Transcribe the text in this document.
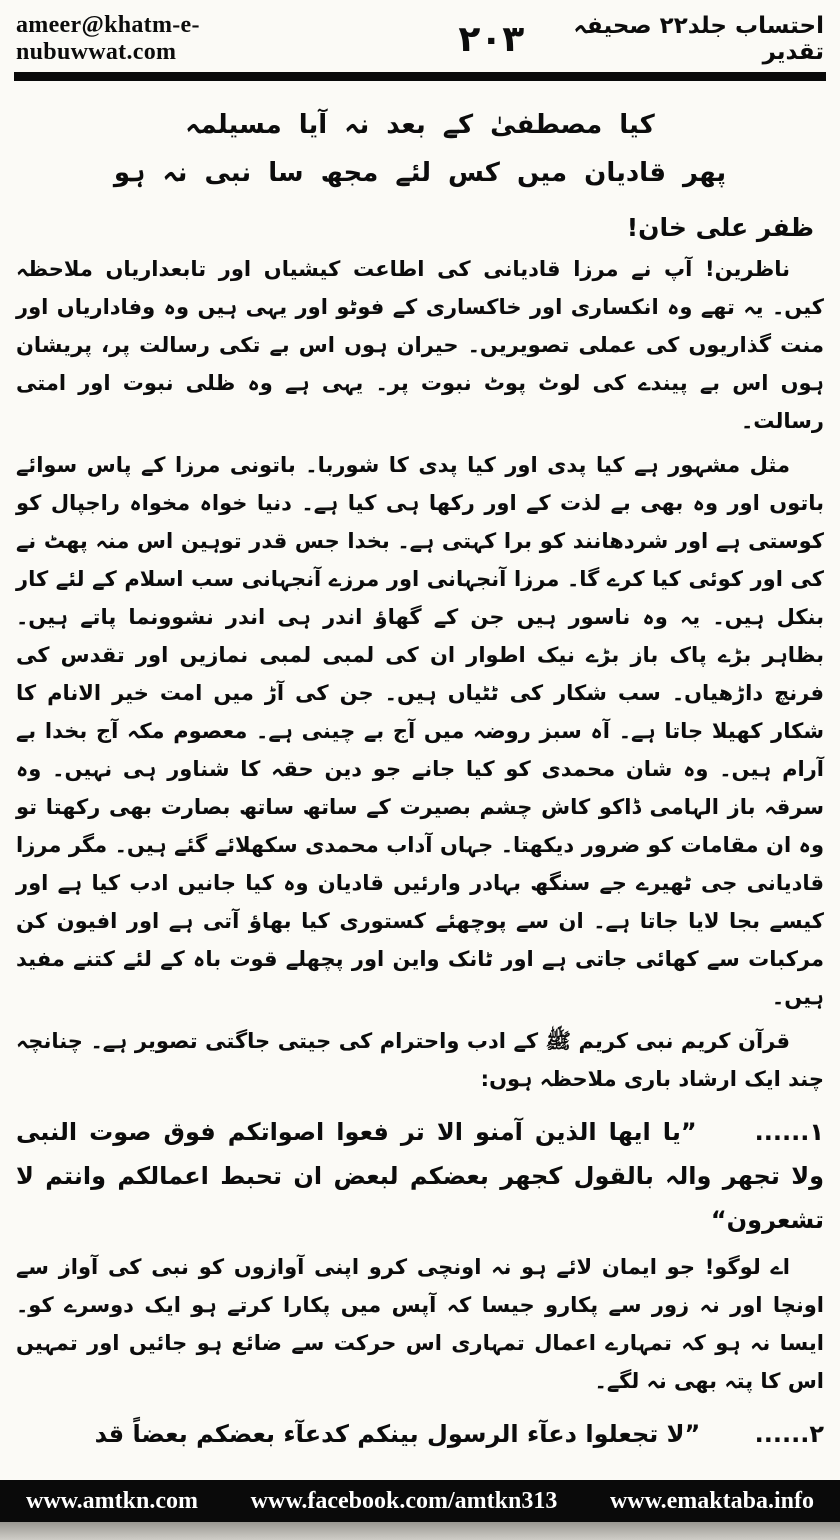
ameer@khatm-e-nubuwwat.com	۲۰۳	احتساب جلد۲۲ صحیفہ تقدیر
کیا مصطفیٰ کے بعد نہ آیا مسیلمہ
پھر قادیان میں کس لئے مجھ سا نبی نہ ہو
ظفر علی خان!

ناظرین! آپ نے مرزا قادیانی کی اطاعت کیشیاں اور تابعداریاں ملاحظہ کیں۔ یہ تھے وہ انکساری اور خاکساری کے فوٹو اور یہی ہیں وہ وفاداریاں اور منت گذاریوں کی عملی تصویریں۔ حیران ہوں اس بے تکی رسالت پر، پریشان ہوں اس بے پیندے کی لوٹ پوٹ نبوت پر۔ یہی ہے وہ ظلی نبوت اور امتی رسالت۔

مثل مشہور ہے کیا پدی اور کیا پدی کا شوربا۔ باتونی مرزا کے پاس سوائے باتوں اور وہ بھی بے لذت کے اور رکھا ہی کیا ہے۔ دنیا خواہ مخواہ راجپال کو کوستی ہے اور شردھانند کو برا کہتی ہے۔ بخدا جس قدر توہین اس منہ پھٹ نے کی اور کوئی کیا کرے گا۔ مرزا آنجہانی اور مرزے آنجہانی سب اسلام کے لئے کار بنکل ہیں۔ یہ وہ ناسور ہیں جن کے گھاؤ اندر ہی اندر نشوونما پاتے ہیں۔ بظاہر بڑے پاک باز بڑے نیک اطوار ان کی لمبی لمبی نمازیں اور تقدس کی فرنچ داڑھیاں۔ سب شکار کی ٹٹیاں ہیں۔ جن کی آڑ میں امت خیر الانام کا شکار کھیلا جاتا ہے۔ آہ سبز روضہ میں آج بے چینی ہے۔ معصوم مکہ آج بخدا بے آرام ہیں۔ وہ شان محمدی کو کیا جانے جو دین حقہ کا شناور ہی نہیں۔ وہ سرقہ باز الہامی ڈاکو کاش چشم بصیرت کے ساتھ ساتھ بصارت بھی رکھتا تو وہ ان مقامات کو ضرور دیکھتا۔ جہاں آداب محمدی سکھلائے گئے ہیں۔ مگر مرزا قادیانی جی ٹھیرے جے سنگھ بہادر وارئیں قادیان وہ کیا جانیں ادب کیا ہے اور کیسے بجا لایا جاتا ہے۔ ان سے پوچھئے کستوری کیا بھاؤ آتی ہے اور افیون کن مرکبات سے کھائی جاتی ہے اور ٹانک واین اور پچھلے قوت باہ کے لئے کتنے مفید ہیں۔

قرآن کریم نبی کریم ﷺ کے ادب واحترام کی جیتی جاگتی تصویر ہے۔ چنانچہ چند ایک ارشاد باری ملاحظہ ہوں:

۱...... ”یا ایھا الذین آمنو الا تر فعوا اصواتکم فوق صوت النبی ولا تجھر والہ بالقول کجھر بعضکم لبعض ان تحبط اعمالکم وانتم لا تشعرون“

اے لوگو! جو ایمان لائے ہو نہ اونچی کرو اپنی آوازوں کو نبی کی آواز سے اونچا اور نہ زور سے پکارو جیسا کہ آپس میں پکارا کرتے ہو ایک دوسرے کو۔ ایسا نہ ہو کہ تمہارے اعمال تمہاری اس حرکت سے ضائع ہو جائیں اور تمہیں اس کا پتہ بھی نہ لگے۔

۲...... ”لا تجعلوا دعآء الرسول بینکم کدعآء بعضکم بعضاً قد
www.amtkn.com www.facebook.com/amtkn313 www.emaktaba.info
